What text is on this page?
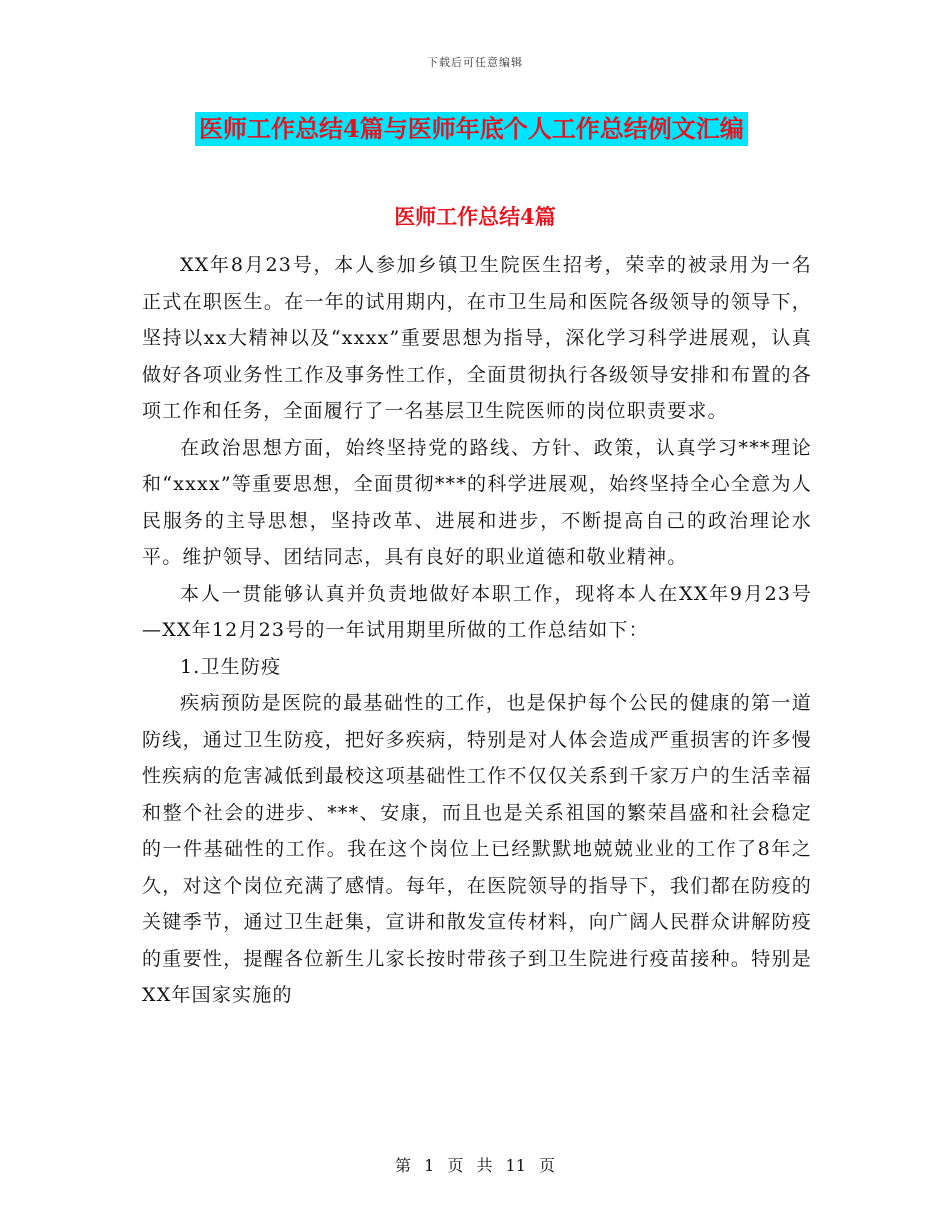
下载后可任意编辑
医师工作总结4篇与医师年底个人工作总结例文汇编
医师工作总结4篇

XX年8月23号，本人参加乡镇卫生院医生招考，荣幸的被录用为一名正式在职医生。在一年的试用期内，在市卫生局和医院各级领导的领导下，坚持以xx大精神以及“xxxx”重要思想为指导，深化学习科学进展观，认真做好各项业务性工作及事务性工作，全面贯彻执行各级领导安排和布置的各项工作和任务，全面履行了一名基层卫生院医师的岗位职责要求。

在政治思想方面，始终坚持党的路线、方针、政策，认真学习***理论和“xxxx”等重要思想，全面贯彻***的科学进展观，始终坚持全心全意为人民服务的主导思想，坚持改革、进展和进步，不断提高自己的政治理论水平。维护领导、团结同志，具有良好的职业道德和敬业精神。

本人一贯能够认真并负责地做好本职工作，现将本人在XX年9月23号—XX年12月23号的一年试用期里所做的工作总结如下：

1.卫生防疫

疾病预防是医院的最基础性的工作，也是保护每个公民的健康的第一道防线，通过卫生防疫，把好多疾病，特别是对人体会造成严重损害的许多慢性疾病的危害减低到最校这项基础性工作不仅仅关系到千家万户的生活幸福和整个社会的进步、***、安康，而且也是关系祖国的繁荣昌盛和社会稳定的一件基础性的工作。我在这个岗位上已经默默地兢兢业业的工作了8年之久，对这个岗位充满了感情。每年，在医院领导的指导下，我们都在防疫的关键季节，通过卫生赶集，宣讲和散发宣传材料，向广阔人民群众讲解防疫的重要性，提醒各位新生儿家长按时带孩子到卫生院进行疫苗接种。特别是XX年国家实施的

第 1 页 共 11 页
